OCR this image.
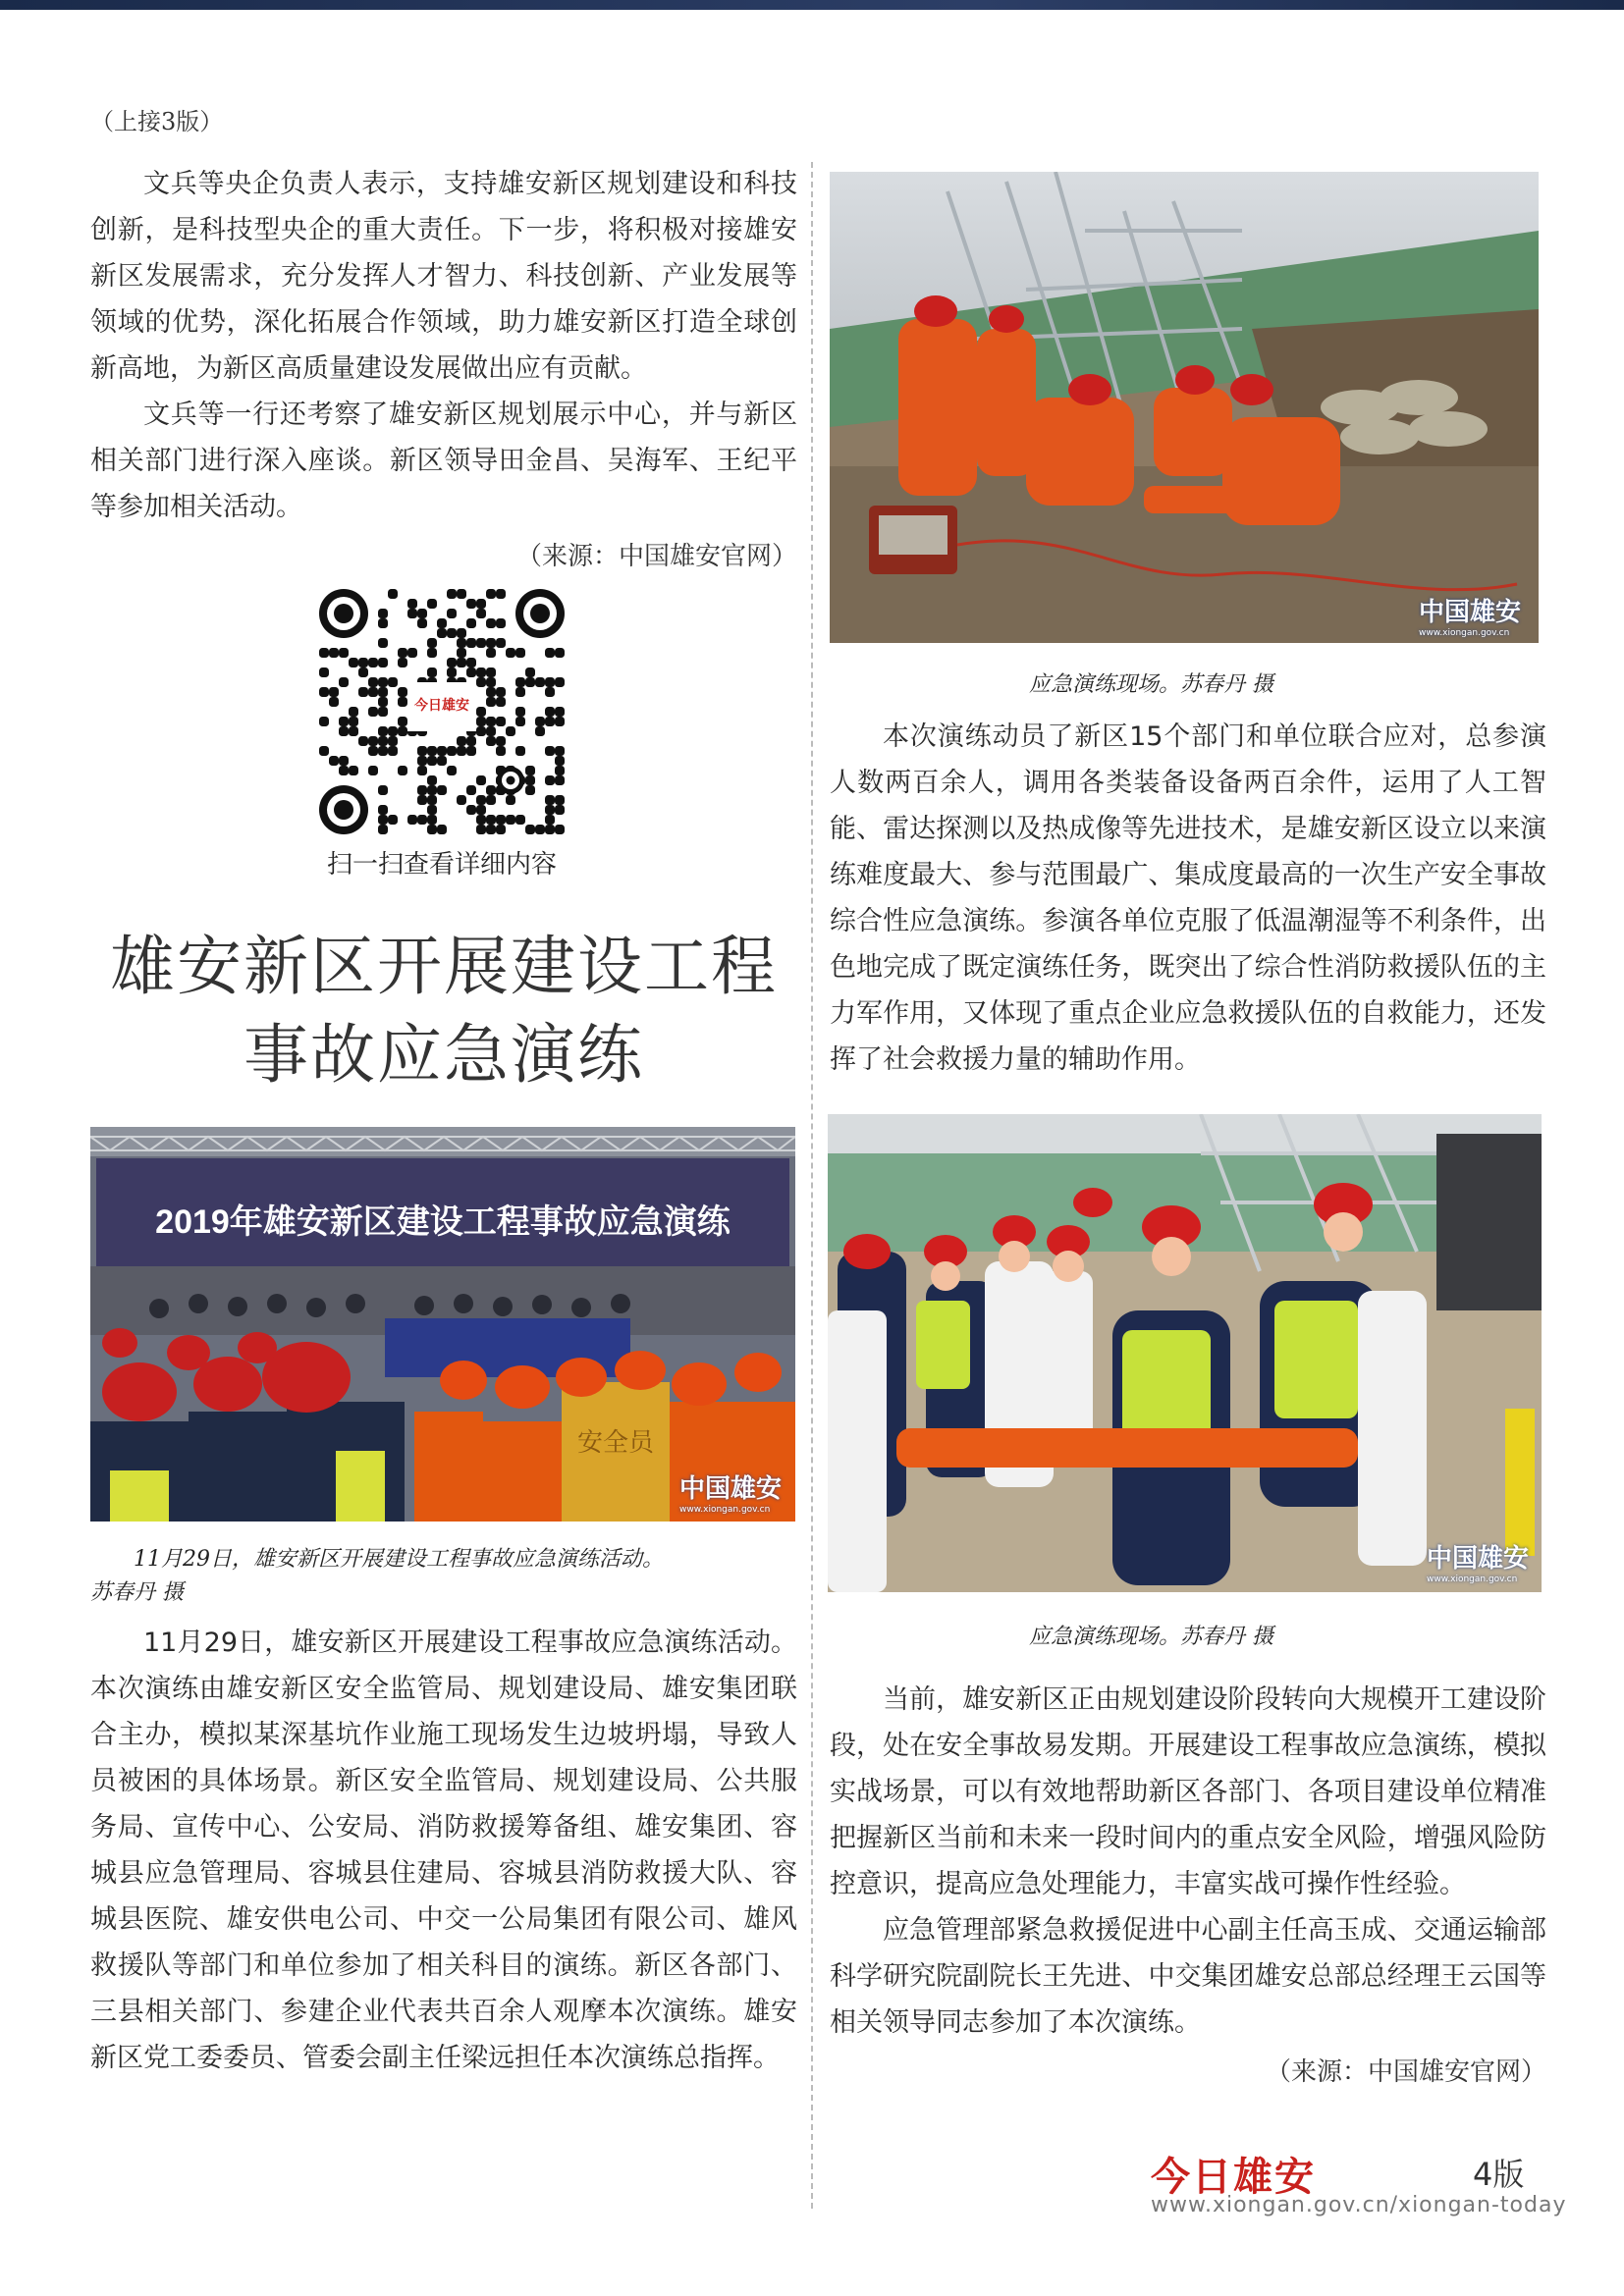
（上接3版）

文兵等央企负责人表示，支持雄安新区规划建设和科技创新，是科技型央企的重大责任。下一步，将积极对接雄安新区发展需求，充分发挥人才智力、科技创新、产业发展等领域的优势，深化拓展合作领域，助力雄安新区打造全球创新高地，为新区高质量建设发展做出应有贡献。

文兵等一行还考察了雄安新区规划展示中心，并与新区相关部门进行深入座谈。新区领导田金昌、吴海军、王纪平等参加相关活动。

（来源：中国雄安官网）

今日雄安
扫一扫查看详细内容
雄安新区开展建设工程
事故应急演练
2019年雄安新区建设工程事故应急演练
安全员
中国雄安
www.xiongan.gov.cn
11月29日，雄安新区开展建设工程事故应急演练活动。
苏春丹 摄

11月29日，雄安新区开展建设工程事故应急演练活动。本次演练由雄安新区安全监管局、规划建设局、雄安集团联合主办，模拟某深基坑作业施工现场发生边坡坍塌，导致人员被困的具体场景。新区安全监管局、规划建设局、公共服务局、宣传中心、公安局、消防救援筹备组、雄安集团、容城县应急管理局、容城县住建局、容城县消防救援大队、容城县医院、雄安供电公司、中交一公局集团有限公司、雄风救援队等部门和单位参加了相关科目的演练。新区各部门、三县相关部门、参建企业代表共百余人观摩本次演练。雄安新区党工委委员、管委会副主任梁远担任本次演练总指挥。

中国雄安
www.xiongan.gov.cn
应急演练现场。苏春丹 摄

本次演练动员了新区15个部门和单位联合应对，总参演人数两百余人，调用各类装备设备两百余件，运用了人工智能、雷达探测以及热成像等先进技术，是雄安新区设立以来演练难度最大、参与范围最广、集成度最高的一次生产安全事故综合性应急演练。参演各单位克服了低温潮湿等不利条件，出色地完成了既定演练任务，既突出了综合性消防救援队伍的主力军作用，又体现了重点企业应急救援队伍的自救能力，还发挥了社会救援力量的辅助作用。

中国雄安
www.xiongan.gov.cn
应急演练现场。苏春丹 摄

当前，雄安新区正由规划建设阶段转向大规模开工建设阶段，处在安全事故易发期。开展建设工程事故应急演练，模拟实战场景，可以有效地帮助新区各部门、各项目建设单位精准把握新区当前和未来一段时间内的重点安全风险，增强风险防控意识，提高应急处理能力，丰富实战可操作性经验。

应急管理部紧急救援促进中心副主任高玉成、交通运输部科学研究院副院长王先进、中交集团雄安总部总经理王云国等相关领导同志参加了本次演练。

（来源：中国雄安官网）

今日雄安	4版
www.xiongan.gov.cn/xiongan-today
